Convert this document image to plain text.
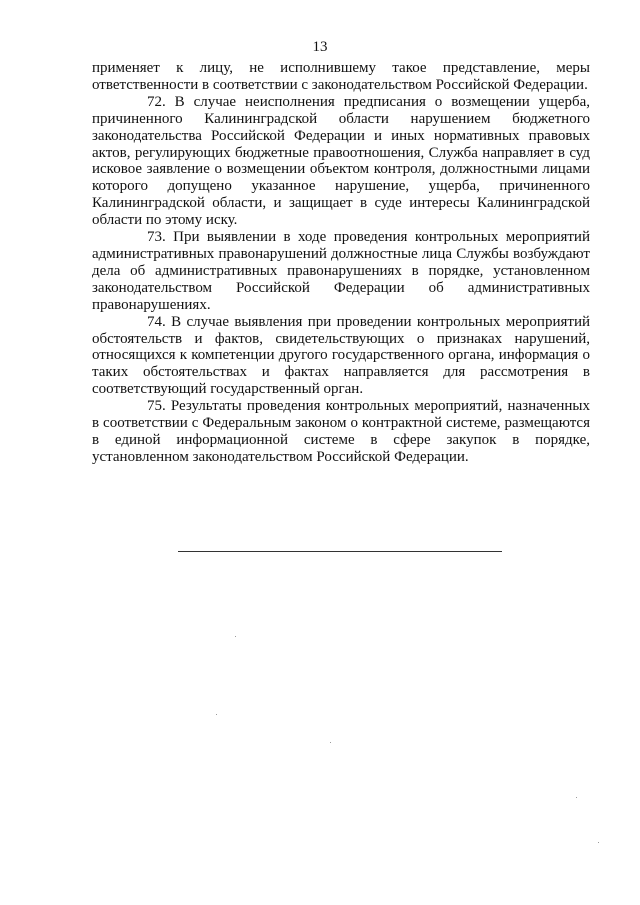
13

применяет к лицу, не исполнившему такое представление, меры ответственности в соответствии с законодательством Российской Федерации.

72. В случае неисполнения предписания о возмещении ущерба, причиненного Калининградской области нарушением бюджетного законодательства Российской Федерации и иных нормативных правовых актов, регулирующих бюджетные правоотношения, Служба направляет в суд исковое заявление о возмещении объектом контроля, должностными лицами которого допущено указанное нарушение, ущерба, причиненного Калининградской области, и защищает в суде интересы Калининградской области по этому иску.

73. При выявлении в ходе проведения контрольных мероприятий административных правонарушений должностные лица Службы возбуждают дела об административных правонарушениях в порядке, установленном законодательством Российской Федерации об административных правонарушениях.

74. В случае выявления при проведении контрольных мероприятий обстоятельств и фактов, свидетельствующих о признаках нарушений, относящихся к компетенции другого государственного органа, информация о таких обстоятельствах и фактах направляется для рассмотрения в соответствующий государственный орган.

75. Результаты проведения контрольных мероприятий, назначенных в соответствии с Федеральным законом о контрактной системе, размещаются в единой информационной системе в сфере закупок в порядке, установленном законодательством Российской Федерации.
